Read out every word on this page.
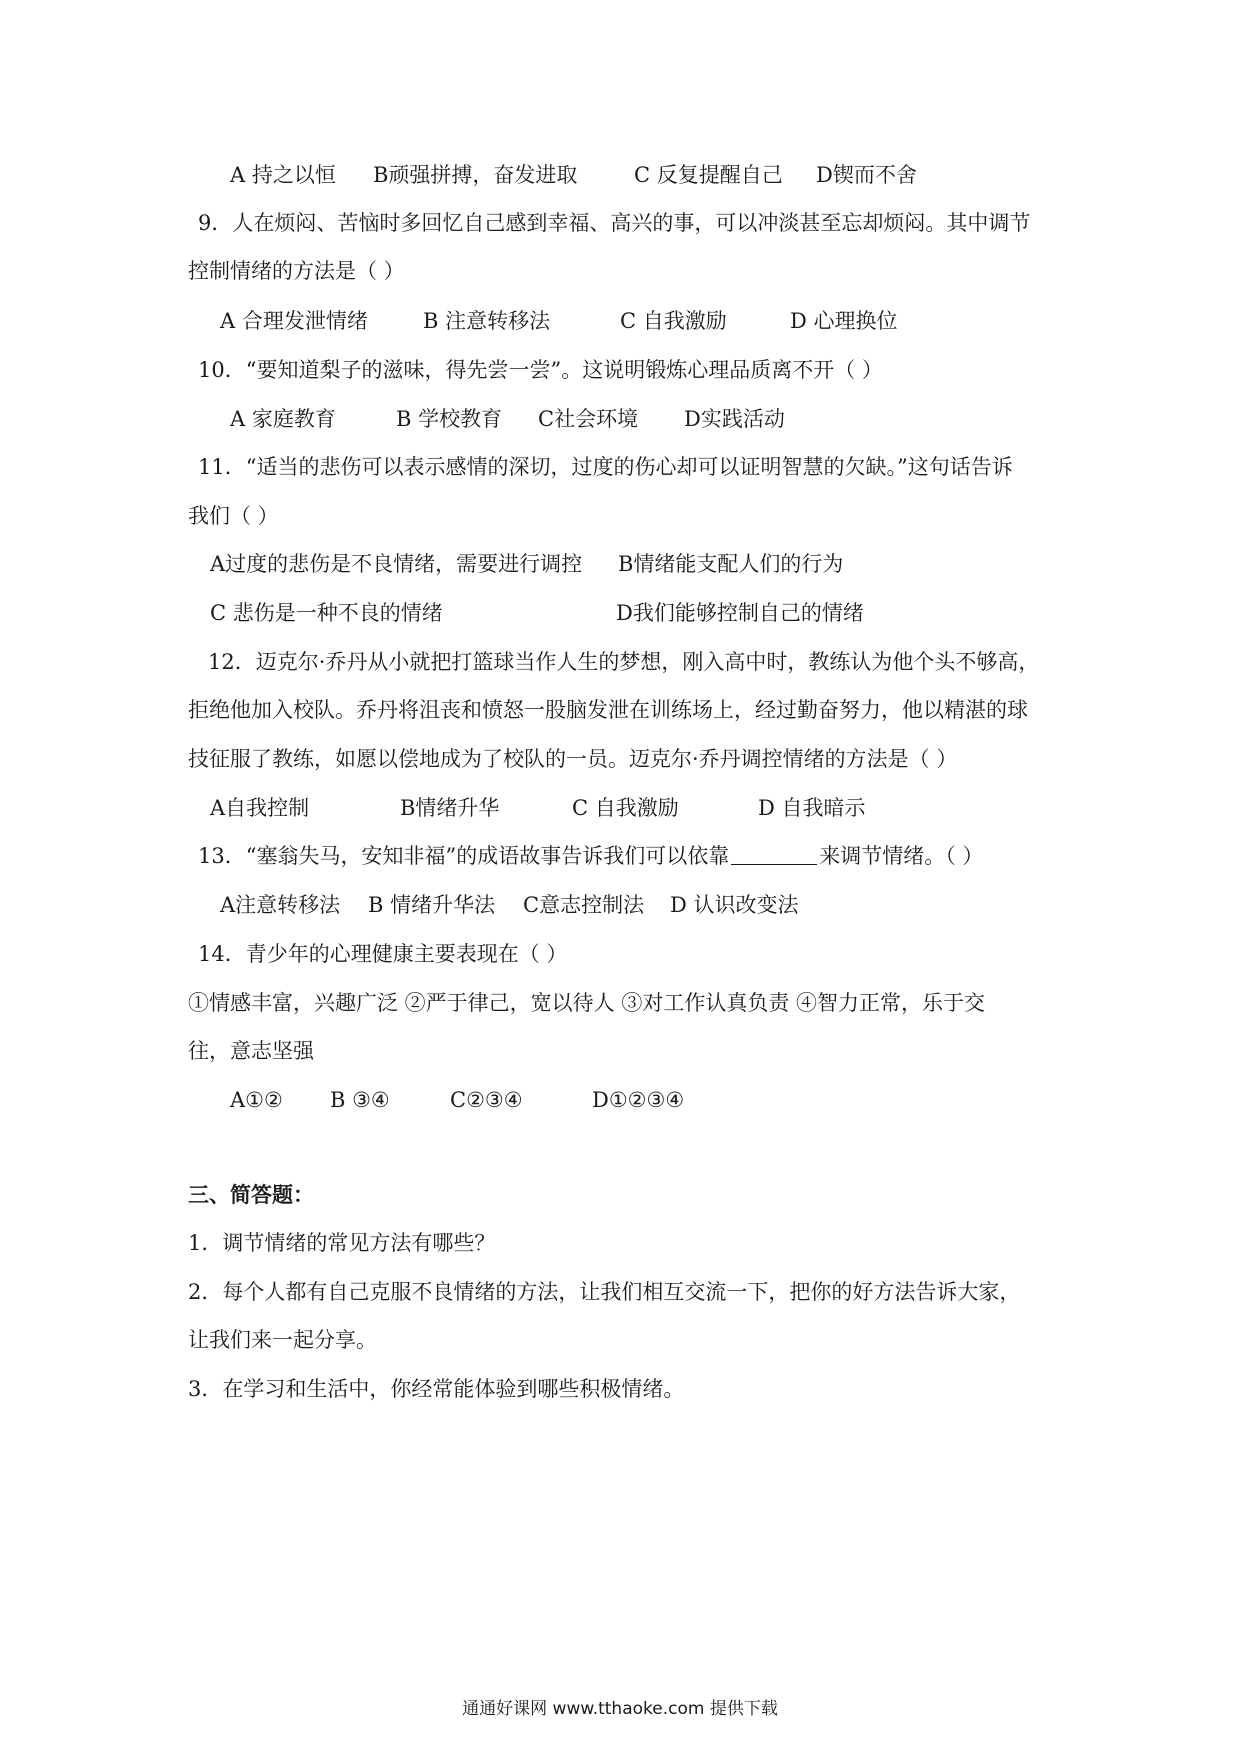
A 持之以恒 B顽强拼搏，奋发进取	C 反复提醒自己 D锲而不舍
9．人在烦闷、苦恼时多回忆自己感到幸福、高兴的事，可以冲淡甚至忘却烦闷。其中调节
控制情绪的方法是（ ）
A 合理发泄情绪	B 注意转移法	C 自我激励	D 心理换位
10．“要知道梨子的滋味，得先尝一尝”。这说明锻炼心理品质离不开（ ）
A 家庭教育	B 学校教育 C社会环境 D实践活动
11．“适当的悲伤可以表示感情的深切，过度的伤心却可以证明智慧的欠缺。”这句话告诉
我们（ ）
A过度的悲伤是不良情绪，需要进行调控 B情绪能支配人们的行为
C 悲伤是一种不良的情绪	D我们能够控制自己的情绪
12．迈克尔·乔丹从小就把打篮球当作人生的梦想，刚入高中时，教练认为他个头不够高，
拒绝他加入校队。乔丹将沮丧和愤怒一股脑发泄在训练场上，经过勤奋努力，他以精湛的球
技征服了教练，如愿以偿地成为了校队的一员。迈克尔·乔丹调控情绪的方法是（ ）
A自我控制	B情绪升华	C 自我激励	D 自我暗示
13．“塞翁失马，安知非福”的成语故事告诉我们可以依靠	来调节情绪。（ ）
A注意转移法 B 情绪升华法 C意志控制法 D 认识改变法
14．青少年的心理健康主要表现在（ ）
①情感丰富，兴趣广泛 ②严于律己，宽以待人 ③对工作认真负责 ④智力正常，乐于交
往，意志坚强
A①② B ③④	C②③④	D①②③④
三、简答题：
1．调节情绪的常见方法有哪些？
2．每个人都有自己克服不良情绪的方法，让我们相互交流一下，把你的好方法告诉大家，
让我们来一起分享。
3．在学习和生活中，你经常能体验到哪些积极情绪。
通通好课网 www.tthaoke.com 提供下载
